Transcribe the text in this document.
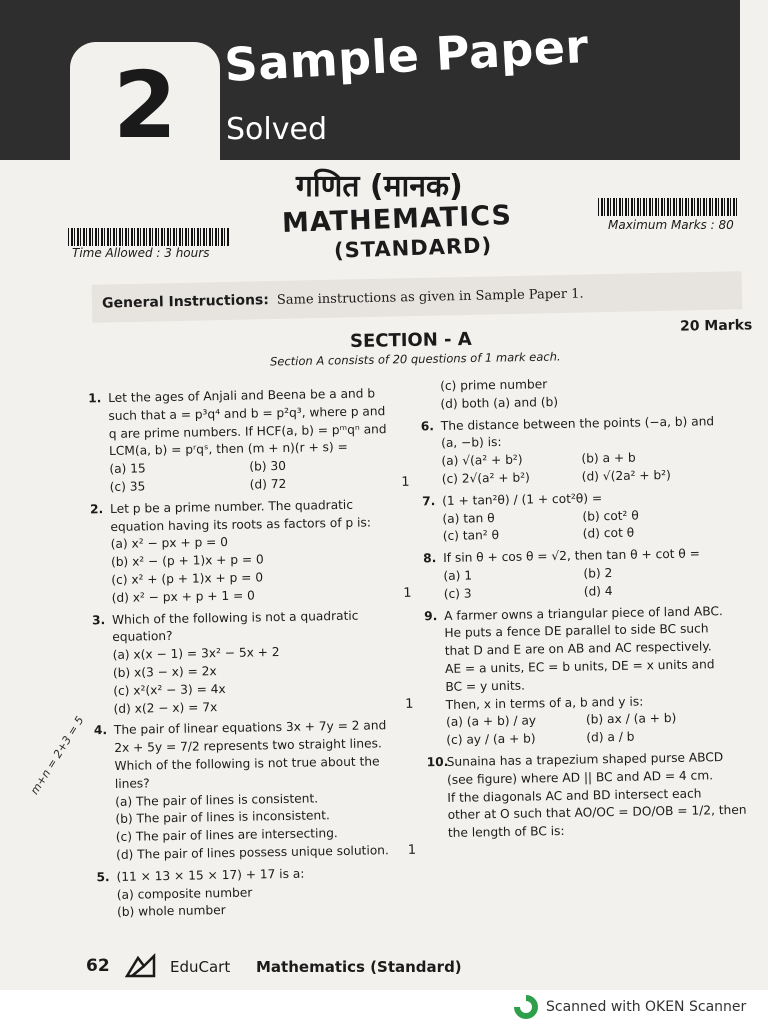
2 Sample Paper
Solved
गणित (मानक)
MATHEMATICS
(STANDARD)
Time Allowed : 3 hours
Maximum Marks : 80
General Instructions: Same instructions as given in Sample Paper 1.
SECTION - A
20 Marks
Section A consists of 20 questions of 1 mark each.
1. Let the ages of Anjali and Beena be a and b
such that a = p³q⁴ and b = p²q³, where p and
q are prime numbers. If HCF(a, b) = pᵐqⁿ and
LCM(a, b) = pʳqˢ, then (m + n)(r + s) =
(a) 15	(b) 30
(c) 35	(d) 72	1
2. Let p be a prime number. The quadratic
equation having its roots as factors of p is:
(a) x² − px + p = 0
(b) x² − (p + 1)x + p = 0
(c) x² + (p + 1)x + p = 0
(d) x² − px + p + 1 = 0	1
3. Which of the following is not a quadratic
equation?
(a) x(x − 1) = 3x² − 5x + 2
(b) x(3 − x) = 2x
(c) x²(x² − 3) = 4x
(d) x(2 − x) = 7x	1
4. The pair of linear equations 3x + 7y = 2 and
2x + 5y = 7/2 represents two straight lines.
Which of the following is not true about the
lines?
(a) The pair of lines is consistent.
(b) The pair of lines is inconsistent.
(c) The pair of lines are intersecting.
(d) The pair of lines possess unique solution.	1
5. (11 × 13 × 15 × 17) + 17 is a:
(a) composite number
(b) whole number
(c) prime number
(d) both (a) and (b)
6. The distance between the points (−a, b) and
(a, −b) is:
(a) √(a² + b²)	(b) a + b
(c) 2√(a² + b²)	(d) √(2a² + b²)
7. (1 + tan²θ) / (1 + cot²θ) =
(a) tan θ	(b) cot² θ
(c) tan² θ	(d) cot θ
8. If sin θ + cos θ = √2, then tan θ + cot θ =
(a) 1	(b) 2
(c) 3	(d) 4
9. A farmer owns a triangular piece of land ABC.
He puts a fence DE parallel to side BC such
that D and E are on AB and AC respectively.
AE = a units, EC = b units, DE = x units and
BC = y units.
Then, x in terms of a, b and y is:
(a) (a + b) / ay	(b) ax / (a + b)
(c) ay / (a + b)	(d) a / b
10.
Sunaina has a trapezium shaped purse ABCD
(see figure) where AD || BC and AD = 4 cm.
If the diagonals AC and BD intersect each
other at O such that AO/OC = DO/OB = 1/2, then
the length of BC is:
m+n = 2+3 = 5
62	EduCart Mathematics (Standard)
Scanned with OKEN Scanner
